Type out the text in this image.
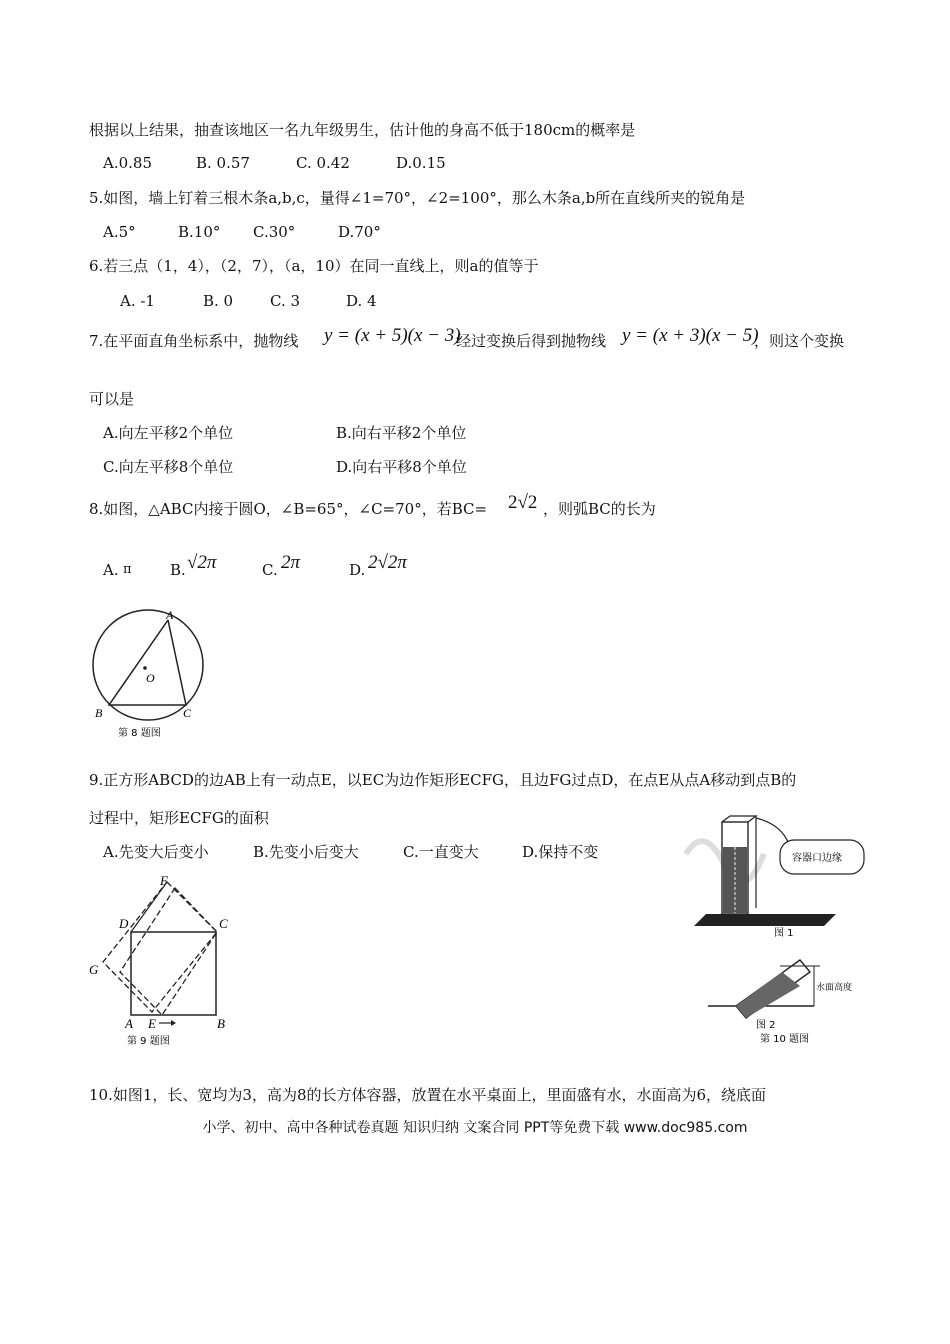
根据以上结果，抽查该地区一名九年级男生，估计他的身高不低于180cm的概率是
A.0.85	B. 0.57	C. 0.42	D.0.15
5.如图，墙上钉着三根木条a,b,c，量得∠1=70°，∠2=100°，那么木条a,b所在直线所夹的锐角是
A.5°	B.10° C.30°	D.70°
6.若三点（1，4），（2，7），（a，10）在同一直线上，则a的值等于
A. -1	B. 0 C. 3	D. 4
7.在平面直角坐标系中，抛物线 y = (x + 5)(x − 3)
经过变换后得到抛物线 y = (x + 3)(x − 5)
，则这个变换
可以是
A.向左平移2个单位	B.向右平移2个单位
C.向左平移8个单位	D.向右平移8个单位
8.如图，△ABC内接于圆O，∠B=65°，∠C=70°，若BC= 2√2 ，则弧BC的长为
A. π	B. √2π	C. 2π	D. 2√2π
A
O
B	C
第 8 题图
9.正方形ABCD的边AB上有一动点E，以EC为边作矩形ECFG，且边FG过点D，在点E从点A移动到点B的
过程中，矩形ECFG的面积
A.先变大后变小	B.先变小后变大	C.一直变大	D.保持不变
F
D	C
G
A E	B
第 9 题图
容器口边缘
图 1
水面高度
图 2
第 10 题图
10.如图1，长、宽均为3，高为8的长方体容器，放置在水平桌面上，里面盛有水，水面高为6，绕底面
小学、初中、高中各种试卷真题 知识归纳 文案合同 PPT等免费下载 www.doc985.com
